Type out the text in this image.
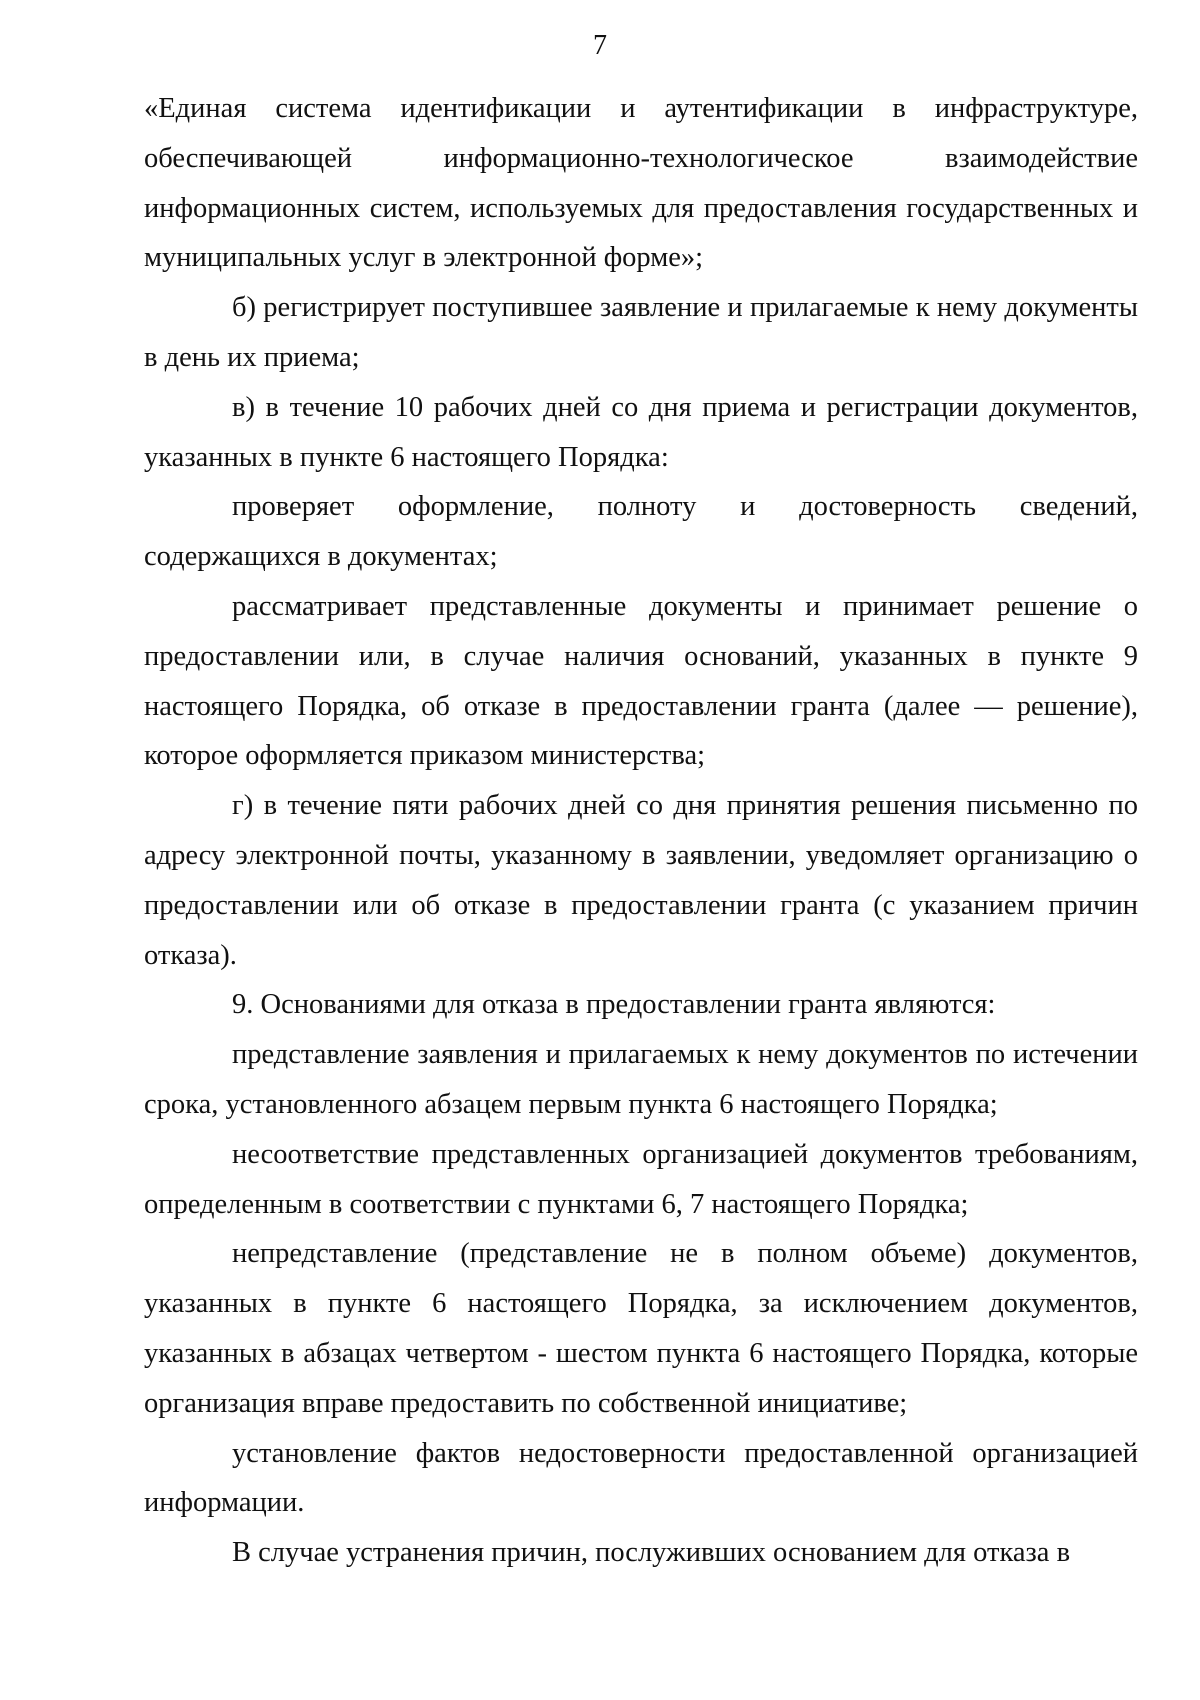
7

«Единая система идентификации и аутентификации в инфраструктуре, обеспечивающей информационно-технологическое взаимодействие информационных систем, используемых для предоставления государственных и муниципальных услуг в электронной форме»;

б) регистрирует поступившее заявление и прилагаемые к нему документы в день их приема;

в) в течение 10 рабочих дней со дня приема и регистрации документов, указанных в пункте 6 настоящего Порядка:

проверяет оформление, полноту и достоверность сведений, содержащихся в документах;

рассматривает представленные документы и принимает решение о предоставлении или, в случае наличия оснований, указанных в пункте 9 настоящего Порядка, об отказе в предоставлении гранта (далее — решение), которое оформляется приказом министерства;

г) в течение пяти рабочих дней со дня принятия решения письменно по адресу электронной почты, указанному в заявлении, уведомляет организацию о предоставлении или об отказе в предоставлении гранта (с указанием причин отказа).

9. Основаниями для отказа в предоставлении гранта являются:

представление заявления и прилагаемых к нему документов по истечении срока, установленного абзацем первым пункта 6 настоящего Порядка;

несоответствие представленных организацией документов требованиям, определенным в соответствии с пунктами 6, 7 настоящего Порядка;

непредставление (представление не в полном объеме) документов, указанных в пункте 6 настоящего Порядка, за исключением документов, указанных в абзацах четвертом - шестом пункта 6 настоящего Порядка, которые организация вправе предоставить по собственной инициативе;

установление фактов недостоверности предоставленной организацией информации.

В случае устранения причин, послуживших основанием для отказа в
